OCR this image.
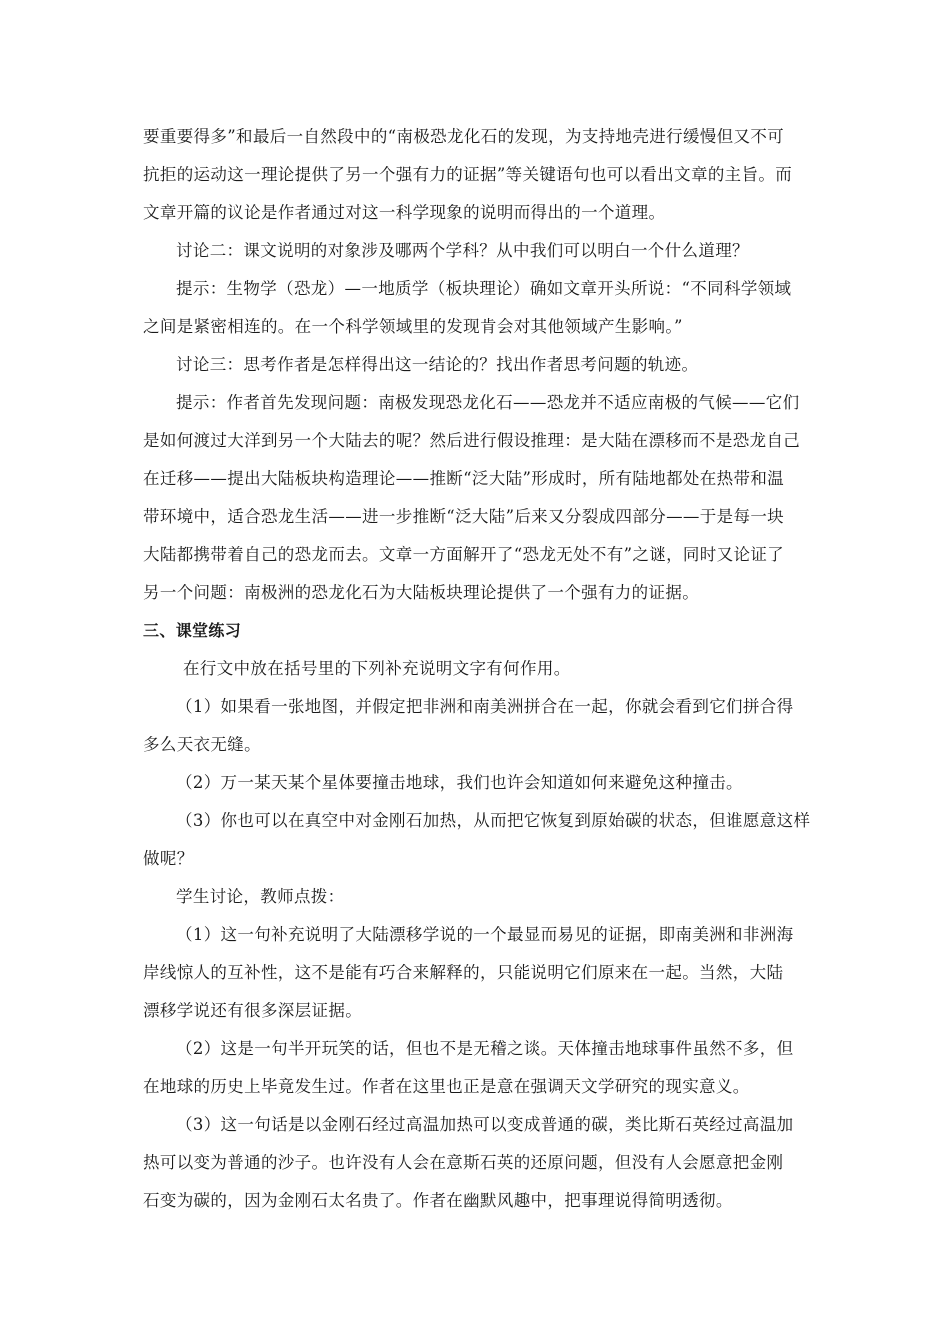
要重要得多”和最后一自然段中的“南极恐龙化石的发现，为支持地壳进行缓慢但又不可
抗拒的运动这一理论提供了另一个强有力的证据”等关键语句也可以看出文章的主旨。而
文章开篇的议论是作者通过对这一科学现象的说明而得出的一个道理。
讨论二：课文说明的对象涉及哪两个学科？从中我们可以明白一个什么道理？
提示：生物学（恐龙）—一地质学（板块理论）确如文章开头所说：“不同科学领域
之间是紧密相连的。在一个科学领域里的发现肯会对其他领域产生影响。”
讨论三：思考作者是怎样得出这一结论的？找出作者思考问题的轨迹。
提示：作者首先发现问题：南极发现恐龙化石——恐龙并不适应南极的气候——它们
是如何渡过大洋到另一个大陆去的呢？然后进行假设推理：是大陆在漂移而不是恐龙自己
在迁移——提出大陆板块构造理论——推断“泛大陆”形成时，所有陆地都处在热带和温
带环境中，适合恐龙生活——进一步推断“泛大陆”后来又分裂成四部分——于是每一块
大陆都携带着自己的恐龙而去。文章一方面解开了“恐龙无处不有”之谜，同时又论证了
另一个问题：南极洲的恐龙化石为大陆板块理论提供了一个强有力的证据。
三、课堂练习
在行文中放在括号里的下列补充说明文字有何作用。
（1）如果看一张地图，并假定把非洲和南美洲拼合在一起，你就会看到它们拼合得
多么天衣无缝。
（2）万一某天某个星体要撞击地球，我们也许会知道如何来避免这种撞击。
（3）你也可以在真空中对金刚石加热，从而把它恢复到原始碳的状态，但谁愿意这样
做呢？
学生讨论，教师点拨：
（1）这一句补充说明了大陆漂移学说的一个最显而易见的证据，即南美洲和非洲海
岸线惊人的互补性，这不是能有巧合来解释的，只能说明它们原来在一起。当然，大陆
漂移学说还有很多深层证据。
（2）这是一句半开玩笑的话，但也不是无稽之谈。天体撞击地球事件虽然不多，但
在地球的历史上毕竟发生过。作者在这里也正是意在强调天文学研究的现实意义。
（3）这一句话是以金刚石经过高温加热可以变成普通的碳，类比斯石英经过高温加
热可以变为普通的沙子。也许没有人会在意斯石英的还原问题，但没有人会愿意把金刚
石变为碳的，因为金刚石太名贵了。作者在幽默风趣中，把事理说得简明透彻。
